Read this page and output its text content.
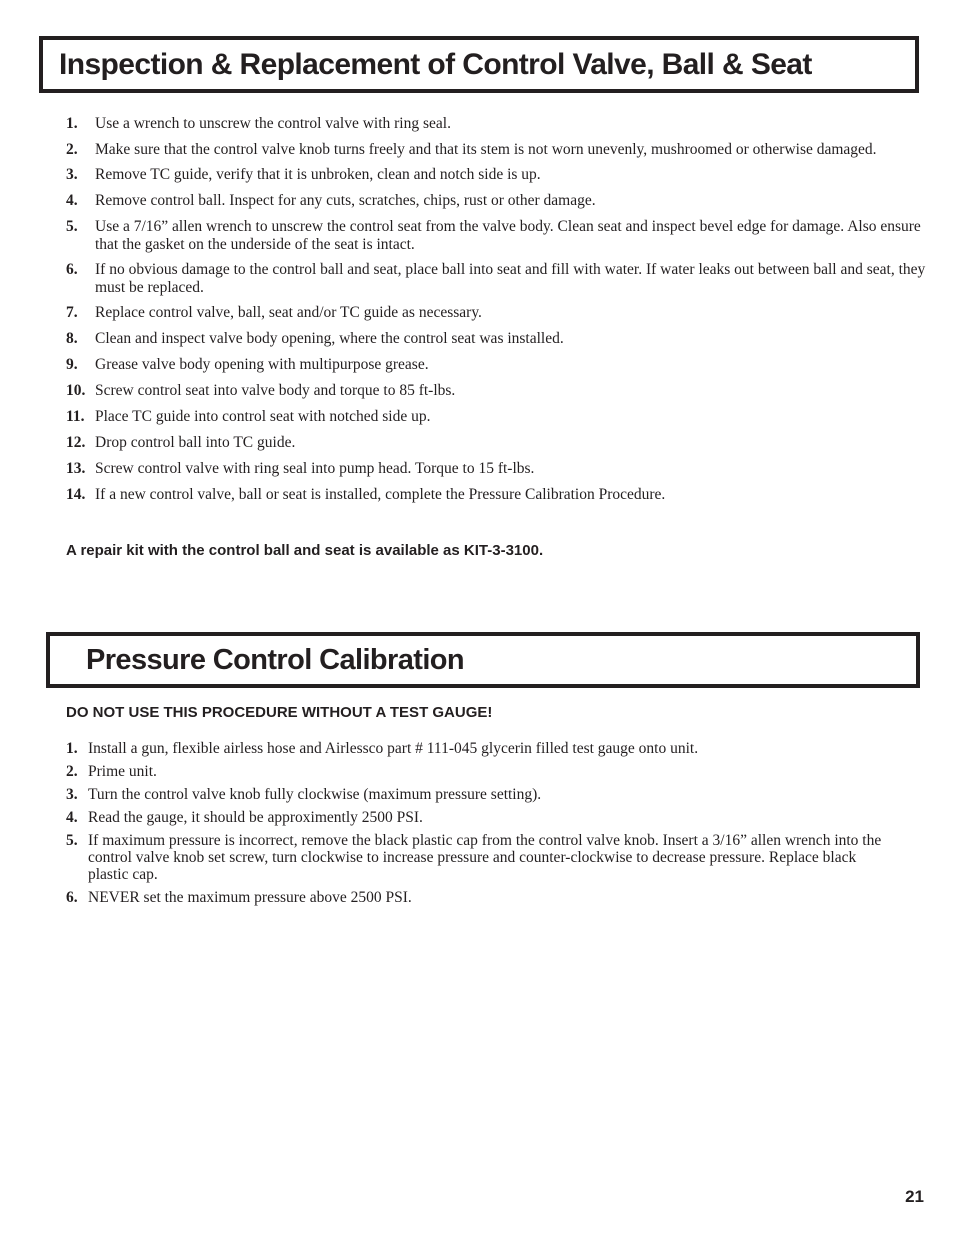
Inspection & Replacement of Control Valve, Ball & Seat
1. Use a wrench to unscrew the control valve with ring seal.
2. Make sure that the control valve knob turns freely and that its stem is not worn unevenly, mushroomed or otherwise damaged.
3. Remove TC guide, verify that it is unbroken, clean and notch side is up.
4. Remove control ball. Inspect for any cuts, scratches, chips, rust or other damage.
5. Use a 7/16” allen wrench to unscrew the control seat from the valve body. Clean seat and inspect bevel edge for damage. Also ensure that the gasket on the underside of the seat is intact.
6. If no obvious damage to the control ball and seat, place ball into seat and fill with water. If water leaks out between ball and seat, they must be replaced.
7. Replace control valve, ball, seat and/or TC guide as necessary.
8. Clean and inspect valve body opening, where the control seat was installed.
9. Grease valve body opening with multipurpose grease.
10. Screw control seat into valve body and torque to 85 ft-lbs.
11. Place TC guide into control seat with notched side up.
12. Drop control ball into TC guide.
13. Screw control valve with ring seal into pump head. Torque to 15 ft-lbs.
14. If a new control valve, ball or seat is installed, complete the Pressure Calibration Procedure.

A repair kit with the control ball and seat is available as KIT-3-3100.

Pressure Control Calibration

DO NOT USE THIS PROCEDURE WITHOUT A TEST GAUGE!

1. Install a gun, flexible airless hose and Airlessco part # 111-045 glycerin filled test gauge onto unit.
2. Prime unit.
3. Turn the control valve knob fully clockwise (maximum pressure setting).
4. Read the gauge, it should be approximently 2500 PSI.
5. If maximum pressure is incorrect, remove the black plastic cap from the control valve knob. Insert a 3/16” allen wrench into the control valve knob set screw, turn clockwise to increase pressure and counter-clockwise to decrease pressure. Replace black plastic cap.
6. NEVER set the maximum pressure above 2500 PSI.
21
